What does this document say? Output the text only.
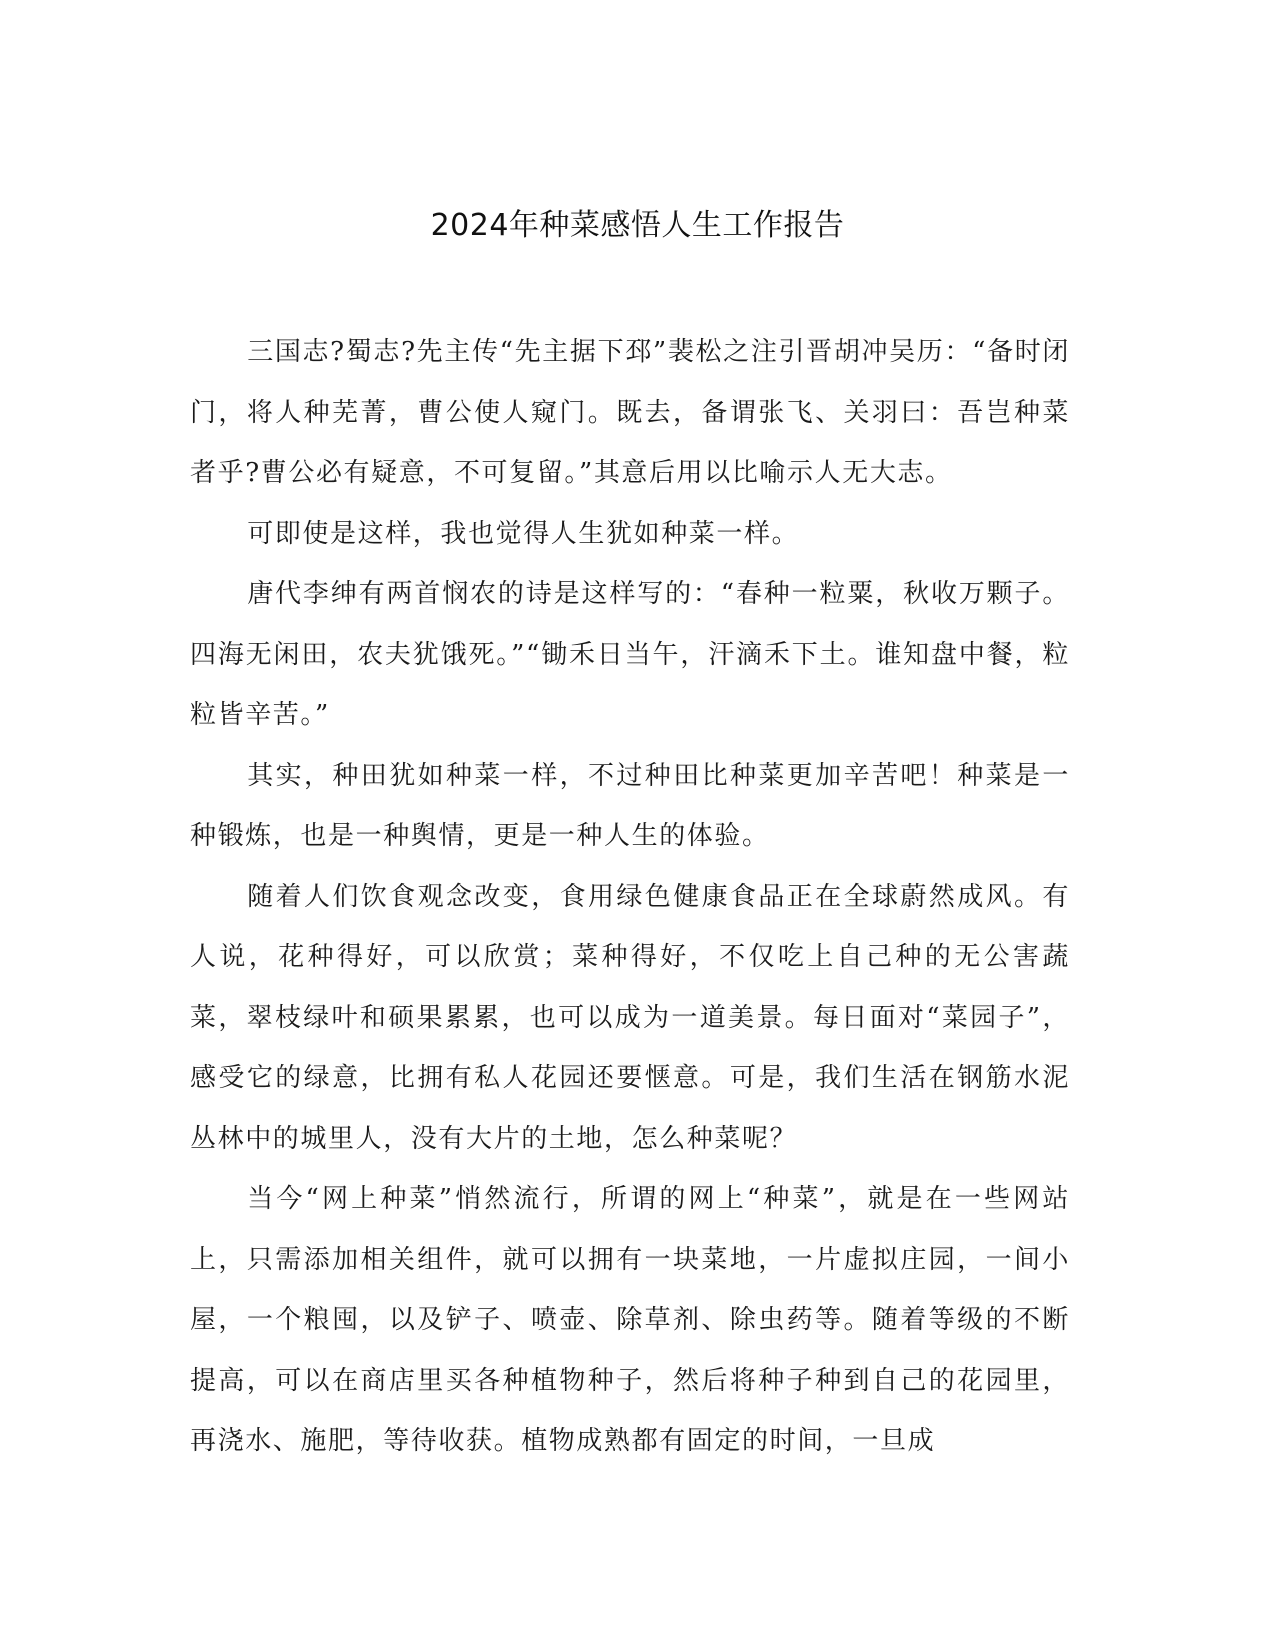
2024年种菜感悟人生工作报告

三国志?蜀志?先主传“先主据下邳”裴松之注引晋胡冲吴历：“备时闭门，将人种芜菁，曹公使人窥门。既去，备谓张飞、关羽曰：吾岂种菜者乎?曹公必有疑意，不可复留。”其意后用以比喻示人无大志。

可即使是这样，我也觉得人生犹如种菜一样。

唐代李绅有两首悯农的诗是这样写的：“春种一粒粟，秋收万颗子。四海无闲田，农夫犹饿死。”“锄禾日当午，汗滴禾下土。谁知盘中餐，粒粒皆辛苦。”

其实，种田犹如种菜一样，不过种田比种菜更加辛苦吧！种菜是一种锻炼，也是一种舆情，更是一种人生的体验。

随着人们饮食观念改变，食用绿色健康食品正在全球蔚然成风。有人说，花种得好，可以欣赏；菜种得好，不仅吃上自己种的无公害蔬菜，翠枝绿叶和硕果累累，也可以成为一道美景。每日面对“菜园子”，感受它的绿意，比拥有私人花园还要惬意。可是，我们生活在钢筋水泥丛林中的城里人，没有大片的土地，怎么种菜呢？

当今“网上种菜”悄然流行，所谓的网上“种菜”，就是在一些网站上，只需添加相关组件，就可以拥有一块菜地，一片虚拟庄园，一间小屋，一个粮囤，以及铲子、喷壶、除草剂、除虫药等。随着等级的不断提高，可以在商店里买各种植物种子，然后将种子种到自己的花园里，再浇水、施肥，等待收获。植物成熟都有固定的时间，一旦成
